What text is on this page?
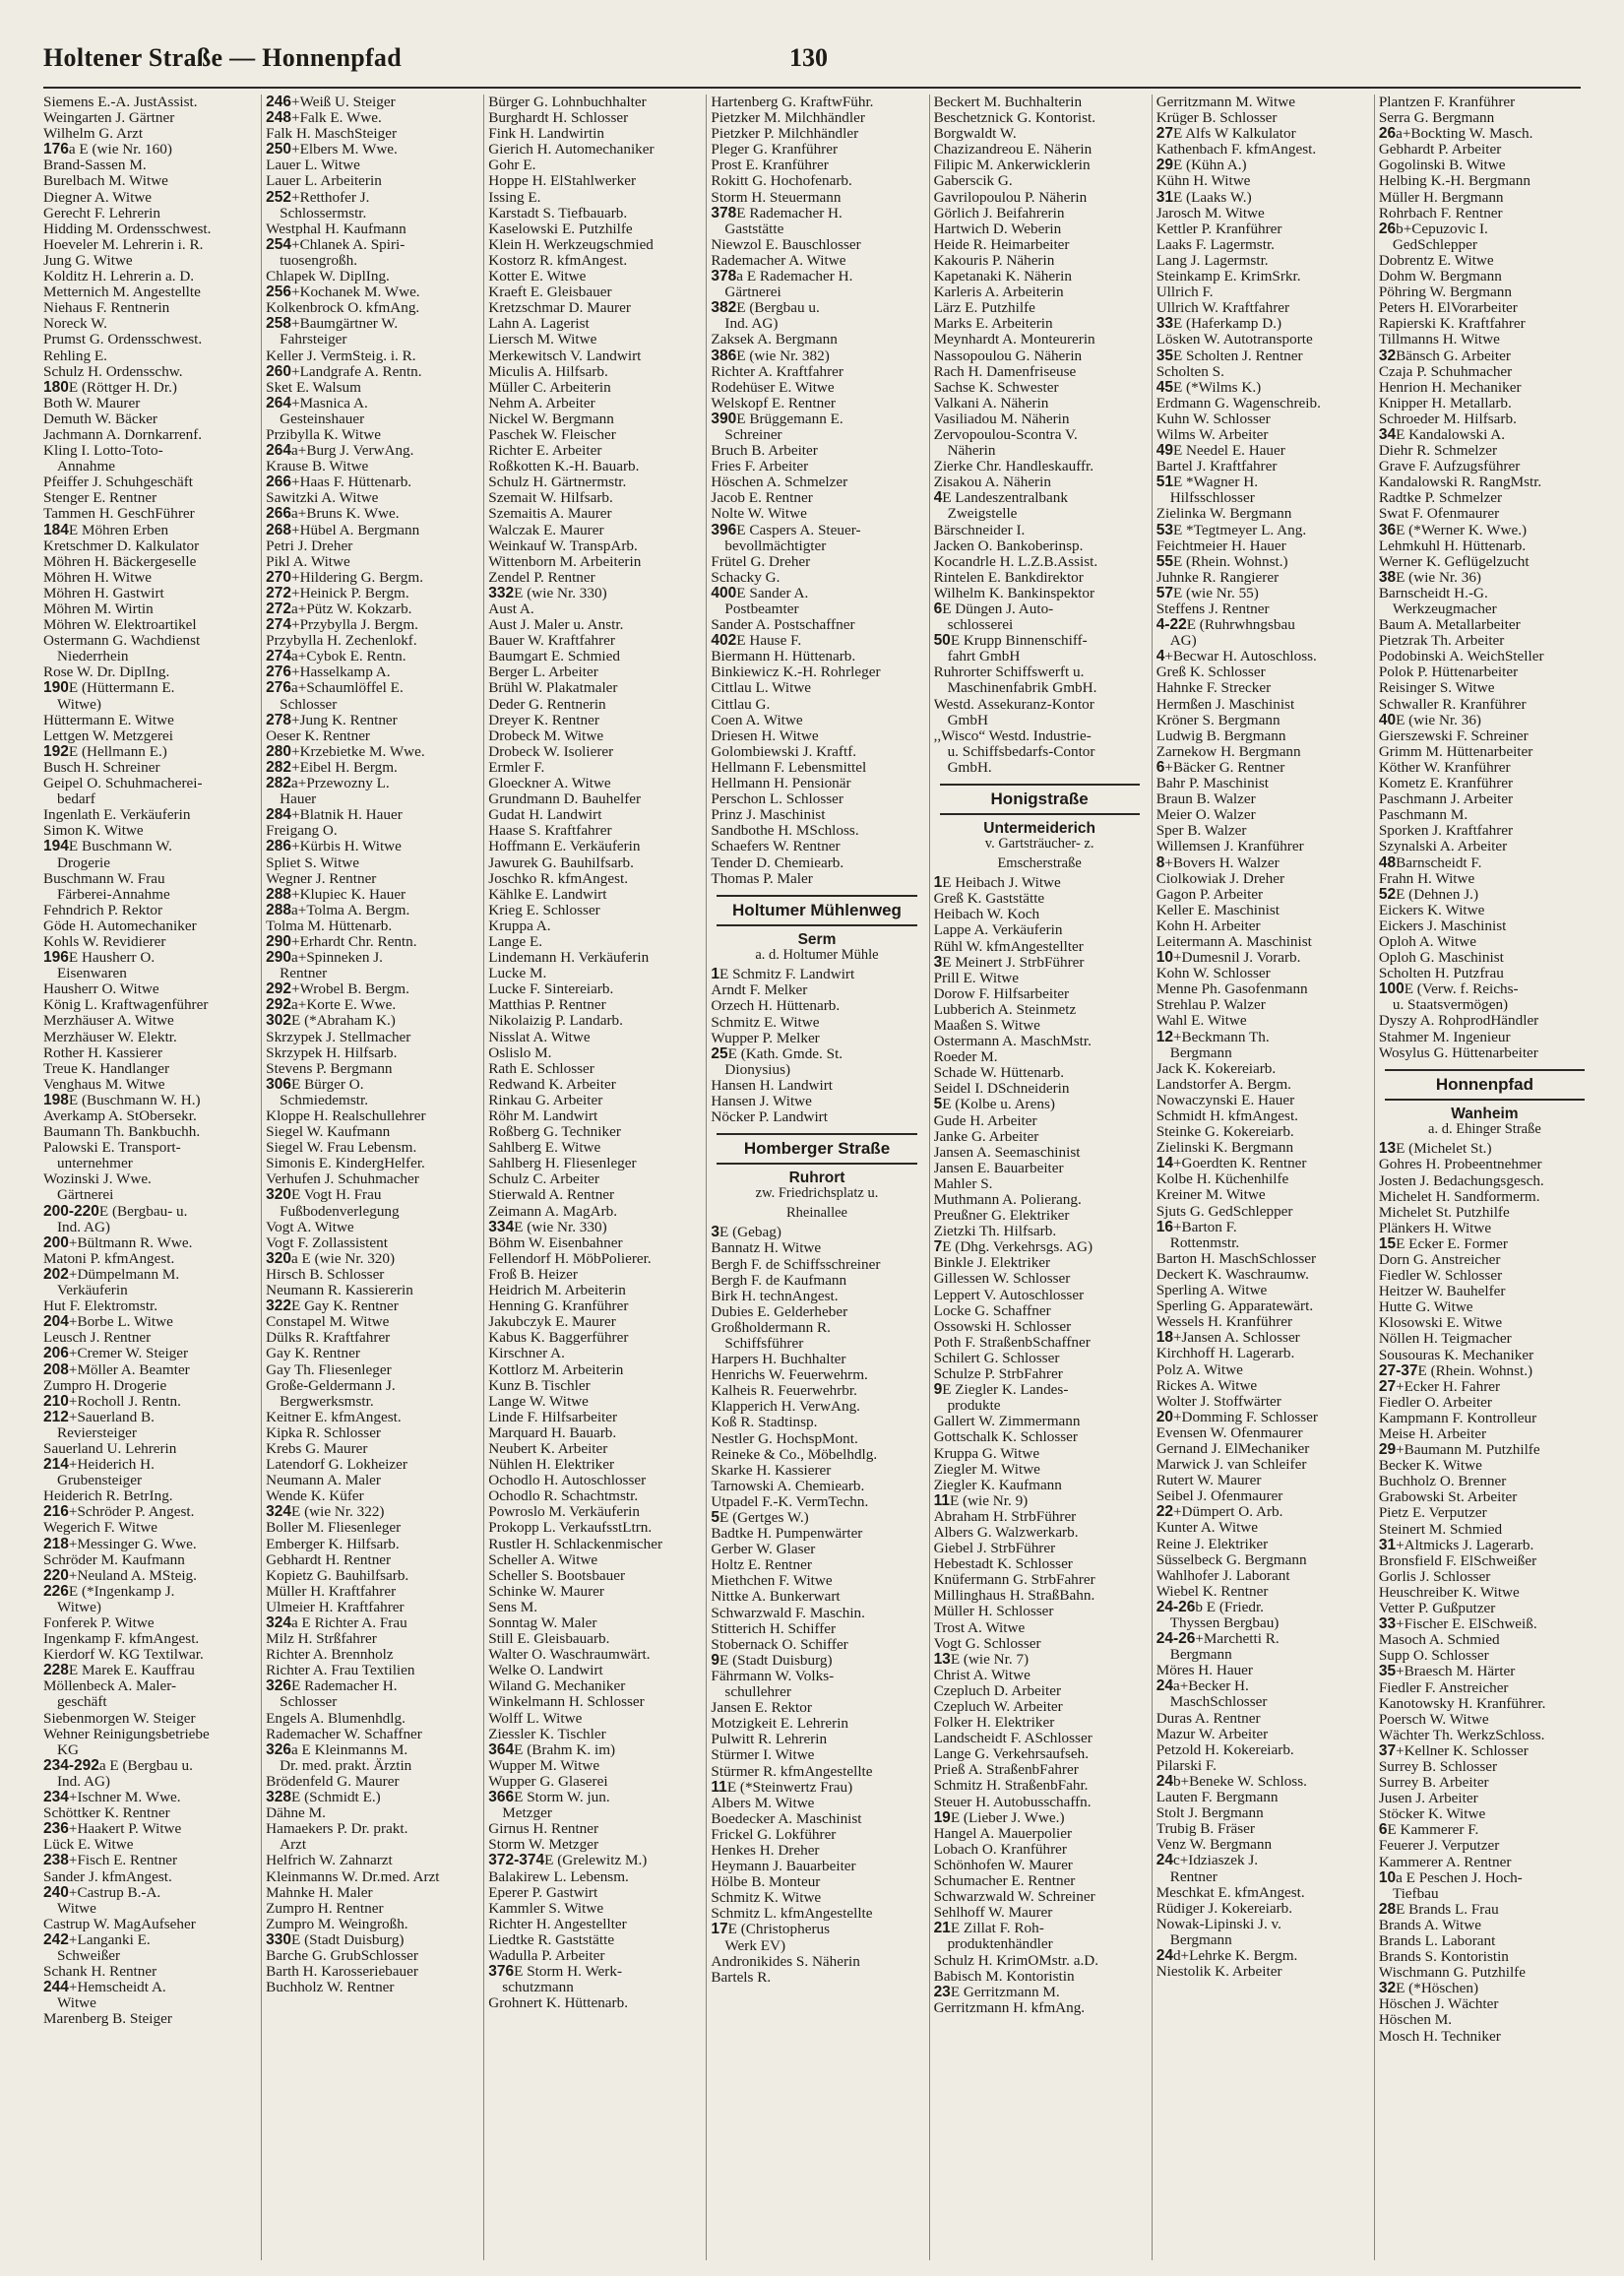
Holtener Straße — Honnenpfad	130
Siemens E.-A. JustAssist.
Weingarten J. Gärtner
Wilhelm G. Arzt
176a E (wie Nr. 160)
Brand-Sassen M.
Burelbach M. Witwe
Diegner A. Witwe
Gerecht F. Lehrerin
Hidding M. Ordensschwest.
Hoeveler M. Lehrerin i. R.
Jung G. Witwe
Kolditz H. Lehrerin a. D.
Metternich M. Angestellte
Niehaus F. Rentnerin
Noreck W.
Prumst G. Ordensschwest.
Rehling E.
Schulz H. Ordensschw.
180E (Röttger H. Dr.)
Both W. Maurer
Demuth W. Bäcker
Jachmann A. Dornkarrenf.
Kling I. Lotto-Toto-
Annahme
Pfeiffer J. Schuhgeschäft
Stenger E. Rentner
Tammen H. GeschFührer
184E Möhren Erben
Kretschmer D. Kalkulator
Möhren H. Bäckergeselle
Möhren H. Witwe
Möhren H. Gastwirt
Möhren M. Wirtin
Möhren W. Elektroartikel
Ostermann G. Wachdienst
Niederrhein
Rose W. Dr. DiplIng.
190E (Hüttermann E.
Witwe)
Hüttermann E. Witwe
Lettgen W. Metzgerei
192E (Hellmann E.)
Busch H. Schreiner
Geipel O. Schuhmacherei-
bedarf
Ingenlath E. Verkäuferin
Simon K. Witwe
194E Buschmann W.
Drogerie
Buschmann W. Frau
Färberei-Annahme
Fehndrich P. Rektor
Göde H. Automechaniker
Kohls W. Revidierer
196E Hausherr O.
Eisenwaren
Hausherr O. Witwe
König L. Kraftwagenführer
Merzhäuser A. Witwe
Merzhäuser W. Elektr.
Rother H. Kassierer
Treue K. Handlanger
Venghaus M. Witwe
198E (Buschmann W. H.)
Averkamp A. StObersekr.
Baumann Th. Bankbuchh.
Palowski E. Transport-
unternehmer
Wozinski J. Wwe.
Gärtnerei
200-220E (Bergbau- u.
Ind. AG)
200+Bültmann R. Wwe.
Matoni P. kfmAngest.
202+Dümpelmann M.
Verkäuferin
Hut F. Elektromstr.
204+Borbe L. Witwe
Leusch J. Rentner
206+Cremer W. Steiger
208+Möller A. Beamter
Zumpro H. Drogerie
210+Rocholl J. Rentn.
212+Sauerland B.
Reviersteiger
Sauerland U. Lehrerin
214+Heiderich H.
Grubensteiger
Heiderich R. BetrIng.
216+Schröder P. Angest.
Wegerich F. Witwe
218+Messinger G. Wwe.
Schröder M. Kaufmann
220+Neuland A. MSteig.
226E (*Ingenkamp J.
Witwe)
Fonferek P. Witwe
Ingenkamp F. kfmAngest.
Kierdorf W. KG Textilwar.
228E Marek E. Kauffrau
Möllenbeck A. Maler-
geschäft
Siebenmorgen W. Steiger
Wehner Reinigungsbetriebe
KG
234-292a E (Bergbau u.
Ind. AG)
234+Ischner M. Wwe.
Schöttker K. Rentner
236+Haakert P. Witwe
Lück E. Witwe
238+Fisch E. Rentner
Sander J. kfmAngest.
240+Castrup B.-A.
Witwe
Castrup W. MagAufseher
242+Langanki E.
Schweißer
Schank H. Rentner
244+Hemscheidt A.
Witwe
Marenberg B. Steiger
246+Weiß U. Steiger
248+Falk E. Wwe.
Falk H. MaschSteiger
250+Elbers M. Wwe.
Lauer L. Witwe
Lauer L. Arbeiterin
252+Retthofer J.
Schlossermstr.
Westphal H. Kaufmann
254+Chlanek A. Spiri-
tuosengroßh.
Chlapek W. DiplIng.
256+Kochanek M. Wwe.
Kolkenbrock O. kfmAng.
258+Baumgärtner W.
Fahrsteiger
Keller J. VermSteig. i. R.
260+Landgrafe A. Rentn.
Sket E. Walsum
264+Masnica A.
Gesteinshauer
Przibylla K. Witwe
264a+Burg J. VerwAng.
Krause B. Witwe
266+Haas F. Hüttenarb.
Sawitzki A. Witwe
266a+Bruns K. Wwe.
268+Hübel A. Bergmann
Petri J. Dreher
Pikl A. Witwe
270+Hildering G. Bergm.
272+Heinick P. Bergm.
272a+Pütz W. Kokzarb.
274+Przybylla J. Bergm.
Przybylla H. Zechenlokf.
274a+Cybok E. Rentn.
276+Hasselkamp A.
276a+Schaumlöffel E.
Schlosser
278+Jung K. Rentner
Oeser K. Rentner
280+Krzebietke M. Wwe.
282+Eibel H. Bergm.
282a+Przewozny L.
Hauer
284+Blatnik H. Hauer
Freigang O.
286+Kürbis H. Witwe
Spliet S. Witwe
Wegner J. Rentner
288+Klupiec K. Hauer
288a+Tolma A. Bergm.
Tolma M. Hüttenarb.
290+Erhardt Chr. Rentn.
290a+Spinneken J.
Rentner
292+Wrobel B. Bergm.
292a+Korte E. Wwe.
302E (*Abraham K.)
Skrzypek J. Stellmacher
Skrzypek H. Hilfsarb.
Stevens P. Bergmann
306E Bürger O.
Schmiedemstr.
Kloppe H. Realschullehrer
Siegel W. Kaufmann
Siegel W. Frau Lebensm.
Simonis E. KindergHelfer.
Verhufen J. Schuhmacher
320E Vogt H. Frau
Fußbodenverlegung
Vogt A. Witwe
Vogt F. Zollassistent
320a E (wie Nr. 320)
Hirsch B. Schlosser
Neumann R. Kassiererin
322E Gay K. Rentner
Constapel M. Witwe
Dülks R. Kraftfahrer
Gay K. Rentner
Gay Th. Fliesenleger
Große-Geldermann J.
Bergwerksmstr.
Keitner E. kfmAngest.
Kipka R. Schlosser
Krebs G. Maurer
Latendorf G. Lokheizer
Neumann A. Maler
Wende K. Küfer
324E (wie Nr. 322)
Boller M. Fliesenleger
Emberger K. Hilfsarb.
Gebhardt H. Rentner
Kopietz G. Bauhilfsarb.
Müller H. Kraftfahrer
Ulmeier H. Kraftfahrer
324a E Richter A. Frau
Milz H. Strßfahrer
Richter A. Brennholz
Richter A. Frau Textilien
326E Rademacher H.
Schlosser
Engels A. Blumenhdlg.
Rademacher W. Schaffner
326a E Kleinmanns M.
Dr. med. prakt. Ärztin
Brödenfeld G. Maurer
328E (Schmidt E.)
Dähne M.
Hamaekers P. Dr. prakt.
Arzt
Helfrich W. Zahnarzt
Kleinmanns W. Dr.med. Arzt
Mahnke H. Maler
Zumpro H. Rentner
Zumpro M. Weingroßh.
330E (Stadt Duisburg)
Barche G. GrubSchlosser
Barth H. Karosseriebauer
Buchholz W. Rentner
Bürger G. Lohnbuchhalter
Burghardt H. Schlosser
Fink H. Landwirtin
Gierich H. Automechaniker
Gohr E.
Hoppe H. ElStahlwerker
Issing E.
Karstadt S. Tiefbauarb.
Kaselowski E. Putzhilfe
Klein H. Werkzeugschmied
Kostorz R. kfmAngest.
Kotter E. Witwe
Kraeft E. Gleisbauer
Kretzschmar D. Maurer
Lahn A. Lagerist
Liersch M. Witwe
Merkewitsch V. Landwirt
Miculis A. Hilfsarb.
Müller C. Arbeiterin
Nehm A. Arbeiter
Nickel W. Bergmann
Paschek W. Fleischer
Richter E. Arbeiter
Roßkotten K.-H. Bauarb.
Schulz H. Gärtnermstr.
Szemait W. Hilfsarb.
Szemaitis A. Maurer
Walczak E. Maurer
Weinkauf W. TranspArb.
Wittenborn M. Arbeiterin
Zendel P. Rentner
332E (wie Nr. 330)
Aust A.
Aust J. Maler u. Anstr.
Bauer W. Kraftfahrer
Baumgart E. Schmied
Berger L. Arbeiter
Brühl W. Plakatmaler
Deder G. Rentnerin
Dreyer K. Rentner
Drobeck M. Witwe
Drobeck W. Isolierer
Ermler F.
Gloeckner A. Witwe
Grundmann D. Bauhelfer
Gudat H. Landwirt
Haase S. Kraftfahrer
Hoffmann E. Verkäuferin
Jawurek G. Bauhilfsarb.
Joschko R. kfmAngest.
Kählke E. Landwirt
Krieg E. Schlosser
Kruppa A.
Lange E.
Lindemann H. Verkäuferin
Lucke M.
Lucke F. Sintereiarb.
Matthias P. Rentner
Nikolaizig P. Landarb.
Nisslat A. Witwe
Oslislo M.
Rath E. Schlosser
Redwand K. Arbeiter
Rinkau G. Arbeiter
Röhr M. Landwirt
Roßberg G. Techniker
Sahlberg E. Witwe
Sahlberg H. Fliesenleger
Schulz C. Arbeiter
Stierwald A. Rentner
Zeimann A. MagArb.
334E (wie Nr. 330)
Böhm W. Eisenbahner
Fellendorf H. MöbPolierer.
Froß B. Heizer
Heidrich M. Arbeiterin
Henning G. Kranführer
Jakubczyk E. Maurer
Kabus K. Baggerführer
Kirschner A.
Kottlorz M. Arbeiterin
Kunz B. Tischler
Lange W. Witwe
Linde F. Hilfsarbeiter
Marquard H. Bauarb.
Neubert K. Arbeiter
Nühlen H. Elektriker
Ochodlo H. Autoschlosser
Ochodlo R. Schachtmstr.
Powroslo M. Verkäuferin
Prokopp L. VerkaufsstLtrn.
Rustler H. Schlackenmischer
Scheller A. Witwe
Scheller S. Bootsbauer
Schinke W. Maurer
Sens M.
Sonntag W. Maler
Still E. Gleisbauarb.
Walter O. Waschraumwärt.
Welke O. Landwirt
Wiland G. Mechaniker
Winkelmann H. Schlosser
Wolff L. Witwe
Ziessler K. Tischler
364E (Brahm K. im)
Wupper M. Witwe
Wupper G. Glaserei
366E Storm W. jun.
Metzger
Girnus H. Rentner
Storm W. Metzger
372-374E (Grelewitz M.)
Balakirew L. Lebensm.
Eperer P. Gastwirt
Kammler S. Witwe
Richter H. Angestellter
Liedtke R. Gaststätte
Wadulla P. Arbeiter
376E Storm H. Werk-
schutzmann
Grohnert K. Hüttenarb.
Hartenberg G. KraftwFühr.
Pietzker M. Milchhändler
Pietzker P. Milchhändler
Pleger G. Kranführer
Prost E. Kranführer
Rokitt G. Hochofenarb.
Storm H. Steuermann
378E Rademacher H.
Gaststätte
Niewzol E. Bauschlosser
Rademacher A. Witwe
378a E Rademacher H.
Gärtnerei
382E (Bergbau u.
Ind. AG)
Zaksek A. Bergmann
386E (wie Nr. 382)
Richter A. Kraftfahrer
Rodehüser E. Witwe
Welskopf E. Rentner
390E Brüggemann E.
Schreiner
Bruch B. Arbeiter
Fries F. Arbeiter
Höschen A. Schmelzer
Jacob E. Rentner
Nolte W. Witwe
396E Caspers A. Steuer-
bevollmächtigter
Frütel G. Dreher
Schacky G.
400E Sander A.
Postbeamter
Sander A. Postschaffner
402E Hause F.
Biermann H. Hüttenarb.
Binkiewicz K.-H. Rohrleger
Cittlau L. Witwe
Cittlau G.
Coen A. Witwe
Driesen H. Witwe
Golombiewski J. Kraftf.
Hellmann F. Lebensmittel
Hellmann H. Pensionär
Perschon L. Schlosser
Prinz J. Maschinist
Sandbothe H. MSchloss.
Schaefers W. Rentner
Tender D. Chemiearb.
Thomas P. Maler
Holtumer Mühlenweg
Serm
a. d. Holtumer Mühle
1E Schmitz F. Landwirt
Arndt F. Melker
Orzech H. Hüttenarb.
Schmitz E. Witwe
Wupper P. Melker
25E (Kath. Gmde. St.
Dionysius)
Hansen H. Landwirt
Hansen J. Witwe
Nöcker P. Landwirt
Homberger Straße
Ruhrort
zw. Friedrichsplatz u.
Rheinallee
3E (Gebag)
Bannatz H. Witwe
Bergh F. de Schiffsschreiner
Bergh F. de Kaufmann
Birk H. technAngest.
Dubies E. Gelderheber
Großholdermann R.
Schiffsführer
Harpers H. Buchhalter
Henrichs W. Feuerwehrm.
Kalheis R. Feuerwehrbr.
Klapperich H. VerwAng.
Koß R. Stadtinsp.
Nestler G. HochspMont.
Reineke & Co., Möbelhdlg.
Skarke H. Kassierer
Tarnowski A. Chemiearb.
Utpadel F.-K. VermTechn.
5E (Gertges W.)
Badtke H. Pumpenwärter
Gerber W. Glaser
Holtz E. Rentner
Miethchen F. Witwe
Nittke A. Bunkerwart
Schwarzwald F. Maschin.
Stitterich H. Schiffer
Stobernack O. Schiffer
9E (Stadt Duisburg)
Fährmann W. Volks-
schullehrer
Jansen E. Rektor
Motzigkeit E. Lehrerin
Pulwitt R. Lehrerin
Stürmer I. Witwe
Stürmer R. kfmAngestellte
11E (*Steinwertz Frau)
Albers M. Witwe
Boedecker A. Maschinist
Frickel G. Lokführer
Henkes H. Dreher
Heymann J. Bauarbeiter
Hölbe B. Monteur
Schmitz K. Witwe
Schmitz L. kfmAngestellte
17E (Christopherus
Werk EV)
Andronikides S. Näherin
Bartels R.
Beckert M. Buchhalterin
Beschetznick G. Kontorist.
Borgwaldt W.
Chazizandreou E. Näherin
Filipic M. Ankerwicklerin
Gaberscik G.
Gavrilopoulou P. Näherin
Görlich J. Beifahrerin
Hartwich D. Weberin
Heide R. Heimarbeiter
Kakouris P. Näherin
Kapetanaki K. Näherin
Karleris A. Arbeiterin
Lärz E. Putzhilfe
Marks E. Arbeiterin
Meynhardt A. Monteurerin
Nassopoulou G. Näherin
Rach H. Damenfriseuse
Sachse K. Schwester
Valkani A. Näherin
Vasiliadou M. Näherin
Zervopoulou-Scontra V.
Näherin
Zierke Chr. Handleskauffr.
Zisakou A. Näherin
4E Landeszentralbank
Zweigstelle
Bärschneider I.
Jacken O. Bankoberinsp.
Kocandrle H. L.Z.B.Assist.
Rintelen E. Bankdirektor
Wilhelm K. Bankinspektor
6E Düngen J. Auto-
schlosserei
50E Krupp Binnenschiff-
fahrt GmbH
Ruhrorter Schiffswerft u.
Maschinenfabrik GmbH.
Westd. Assekuranz-Kontor
GmbH
,,Wisco“ Westd. Industrie-
u. Schiffsbedarfs-Contor
GmbH.
Honigstraße
Untermeiderich
v. Gartsträucher- z.
Emscherstraße
1E Heibach J. Witwe
Greß K. Gaststätte
Heibach W. Koch
Lappe A. Verkäuferin
Rühl W. kfmAngestellter
3E Meinert J. StrbFührer
Prill E. Witwe
Dorow F. Hilfsarbeiter
Lubberich A. Steinmetz
Maaßen S. Witwe
Ostermann A. MaschMstr.
Roeder M.
Schade W. Hüttenarb.
Seidel I. DSchneiderin
5E (Kolbe u. Arens)
Gude H. Arbeiter
Janke G. Arbeiter
Jansen A. Seemaschinist
Jansen E. Bauarbeiter
Mahler S.
Muthmann A. Polierang.
Preußner G. Elektriker
Zietzki Th. Hilfsarb.
7E (Dhg. Verkehrsgs. AG)
Binkle J. Elektriker
Gillessen W. Schlosser
Leppert V. Autoschlosser
Locke G. Schaffner
Ossowski H. Schlosser
Poth F. StraßenbSchaffner
Schilert G. Schlosser
Schulze P. StrbFahrer
9E Ziegler K. Landes-
produkte
Gallert W. Zimmermann
Gottschalk K. Schlosser
Kruppa G. Witwe
Ziegler M. Witwe
Ziegler K. Kaufmann
11E (wie Nr. 9)
Abraham H. StrbFührer
Albers G. Walzwerkarb.
Giebel J. StrbFührer
Hebestadt K. Schlosser
Knüfermann G. StrbFahrer
Millinghaus H. StraßBahn.
Müller H. Schlosser
Trost A. Witwe
Vogt G. Schlosser
13E (wie Nr. 7)
Christ A. Witwe
Czepluch D. Arbeiter
Czepluch W. Arbeiter
Folker H. Elektriker
Landscheidt F. ASchlosser
Lange G. Verkehrsaufseh.
Prieß A. StraßenbFahrer
Schmitz H. StraßenbFahr.
Steuer H. Autobusschaffn.
19E (Lieber J. Wwe.)
Hangel A. Mauerpolier
Lobach O. Kranführer
Schönhofen W. Maurer
Schumacher E. Rentner
Schwarzwald W. Schreiner
Sehlhoff W. Maurer
21E Zillat F. Roh-
produktenhändler
Schulz H. KrimOMstr. a.D.
Babisch M. Kontoristin
23E Gerritzmann M.
Gerritzmann H. kfmAng.
Gerritzmann M. Witwe
Krüger B. Schlosser
27E Alfs W Kalkulator
Kathenbach F. kfmAngest.
29E (Kühn A.)
Kühn H. Witwe
31E (Laaks W.)
Jarosch M. Witwe
Kettler P. Kranführer
Laaks F. Lagermstr.
Lang J. Lagermstr.
Steinkamp E. KrimSrkr.
Ullrich F.
Ullrich W. Kraftfahrer
33E (Haferkamp D.)
Lösken W. Autotransporte
35E Scholten J. Rentner
Scholten S.
45E (*Wilms K.)
Erdmann G. Wagenschreib.
Kuhn W. Schlosser
Wilms W. Arbeiter
49E Needel E. Hauer
Bartel J. Kraftfahrer
51E *Wagner H.
Hilfsschlosser
Zielinka W. Bergmann
53E *Tegtmeyer L. Ang.
Feichtmeier H. Hauer
55E (Rhein. Wohnst.)
Juhnke R. Rangierer
57E (wie Nr. 55)
Steffens J. Rentner
4-22E (Ruhrwhngsbau
AG)
4+Becwar H. Autoschloss.
Greß K. Schlosser
Hahnke F. Strecker
Hermßen J. Maschinist
Kröner S. Bergmann
Ludwig B. Bergmann
Zarnekow H. Bergmann
6+Bäcker G. Rentner
Bahr P. Maschinist
Braun B. Walzer
Meier O. Walzer
Sper B. Walzer
Willemsen J. Kranführer
8+Bovers H. Walzer
Ciolkowiak J. Dreher
Gagon P. Arbeiter
Keller E. Maschinist
Kohn H. Arbeiter
Leitermann A. Maschinist
10+Dumesnil J. Vorarb.
Kohn W. Schlosser
Menne Ph. Gasofenmann
Strehlau P. Walzer
Wahl E. Witwe
12+Beckmann Th.
Bergmann
Jack K. Kokereiarb.
Landstorfer A. Bergm.
Nowaczynski E. Hauer
Schmidt H. kfmAngest.
Steinke G. Kokereiarb.
Zielinski K. Bergmann
14+Goerdten K. Rentner
Kolbe H. Küchenhilfe
Kreiner M. Witwe
Sjuts G. GedSchlepper
16+Barton F.
Rottenmstr.
Barton H. MaschSchlosser
Deckert K. Waschraumw.
Sperling A. Witwe
Sperling G. Apparatewärt.
Wessels H. Kranführer
18+Jansen A. Schlosser
Kirchhoff H. Lagerarb.
Polz A. Witwe
Rickes A. Witwe
Wolter J. Stoffwärter
20+Domming F. Schlosser
Evensen W. Ofenmaurer
Gernand J. ElMechaniker
Marwick J. van Schleifer
Rutert W. Maurer
Seibel J. Ofenmaurer
22+Dümpert O. Arb.
Kunter A. Witwe
Reine J. Elektriker
Süsselbeck G. Bergmann
Wahlhofer J. Laborant
Wiebel K. Rentner
24-26b E (Friedr.
Thyssen Bergbau)
24-26+Marchetti R.
Bergmann
Möres H. Hauer
24a+Becker H.
MaschSchlosser
Duras A. Rentner
Mazur W. Arbeiter
Petzold H. Kokereiarb.
Pilarski F.
24b+Beneke W. Schloss.
Lauten F. Bergmann
Stolt J. Bergmann
Trubig B. Fräser
Venz W. Bergmann
24c+Idziaszek J.
Rentner
Meschkat E. kfmAngest.
Rüdiger J. Kokereiarb.
Nowak-Lipinski J. v.
Bergmann
24d+Lehrke K. Bergm.
Niestolik K. Arbeiter
Plantzen F. Kranführer
Serra G. Bergmann
26a+Bockting W. Masch.
Gebhardt P. Arbeiter
Gogolinski B. Witwe
Helbing K.-H. Bergmann
Müller H. Bergmann
Rohrbach F. Rentner
26b+Cepuzovic I.
GedSchlepper
Dobrentz E. Witwe
Dohm W. Bergmann
Pöhring W. Bergmann
Peters H. ElVorarbeiter
Rapierski K. Kraftfahrer
Tillmanns H. Witwe
32Bänsch G. Arbeiter
Czaja P. Schuhmacher
Henrion H. Mechaniker
Knipper H. Metallarb.
Schroeder M. Hilfsarb.
34E Kandalowski A.
Diehr R. Schmelzer
Grave F. Aufzugsführer
Kandalowski R. RangMstr.
Radtke P. Schmelzer
Swat F. Ofenmaurer
36E (*Werner K. Wwe.)
Lehmkuhl H. Hüttenarb.
Werner K. Geflügelzucht
38E (wie Nr. 36)
Barnscheidt H.-G.
Werkzeugmacher
Baum A. Metallarbeiter
Pietzrak Th. Arbeiter
Podobinski A. WeichSteller
Polok P. Hüttenarbeiter
Reisinger S. Witwe
Schwaller R. Kranführer
40E (wie Nr. 36)
Gierszewski F. Schreiner
Grimm M. Hüttenarbeiter
Köther W. Kranführer
Kometz E. Kranführer
Paschmann J. Arbeiter
Paschmann M.
Sporken J. Kraftfahrer
Szynalski A. Arbeiter
48Barnscheidt F.
Frahn H. Witwe
52E (Dehnen J.)
Eickers K. Witwe
Eickers J. Maschinist
Oploh A. Witwe
Oploh G. Maschinist
Scholten H. Putzfrau
100E (Verw. f. Reichs-
u. Staatsvermögen)
Dyszy A. RohprodHändler
Stahmer M. Ingenieur
Wosylus G. Hüttenarbeiter
Honnenpfad
Wanheim
a. d. Ehinger Straße
13E (Michelet St.)
Gohres H. Probeentnehmer
Josten J. Bedachungsgesch.
Michelet H. Sandformerm.
Michelet St. Putzhilfe
Plänkers H. Witwe
15E Ecker E. Former
Dorn G. Anstreicher
Fiedler W. Schlosser
Heitzer W. Bauhelfer
Hutte G. Witwe
Klosowski E. Witwe
Nöllen H. Teigmacher
Sousouras K. Mechaniker
27-37E (Rhein. Wohnst.)
27+Ecker H. Fahrer
Fiedler O. Arbeiter
Kampmann F. Kontrolleur
Meise H. Arbeiter
29+Baumann M. Putzhilfe
Becker K. Witwe
Buchholz O. Brenner
Grabowski St. Arbeiter
Pietz E. Verputzer
Steinert M. Schmied
31+Altmicks J. Lagerarb.
Bronsfield F. ElSchweißer
Gorlis J. Schlosser
Heuschreiber K. Witwe
Vetter P. Gußputzer
33+Fischer E. ElSchweiß.
Masoch A. Schmied
Supp O. Schlosser
35+Braesch M. Härter
Fiedler F. Anstreicher
Kanotowsky H. Kranführer.
Poersch W. Witwe
Wächter Th. WerkzSchloss.
37+Kellner K. Schlosser
Surrey B. Schlosser
Surrey B. Arbeiter
Jusen J. Arbeiter
Stöcker K. Witwe
6E Kammerer F.
Feuerer J. Verputzer
Kammerer A. Rentner
10a E Peschen J. Hoch-
Tiefbau
28E Brands L. Frau
Brands A. Witwe
Brands L. Laborant
Brands S. Kontoristin
Wischmann G. Putzhilfe
32E (*Höschen)
Höschen J. Wächter
Höschen M.
Mosch H. Techniker
